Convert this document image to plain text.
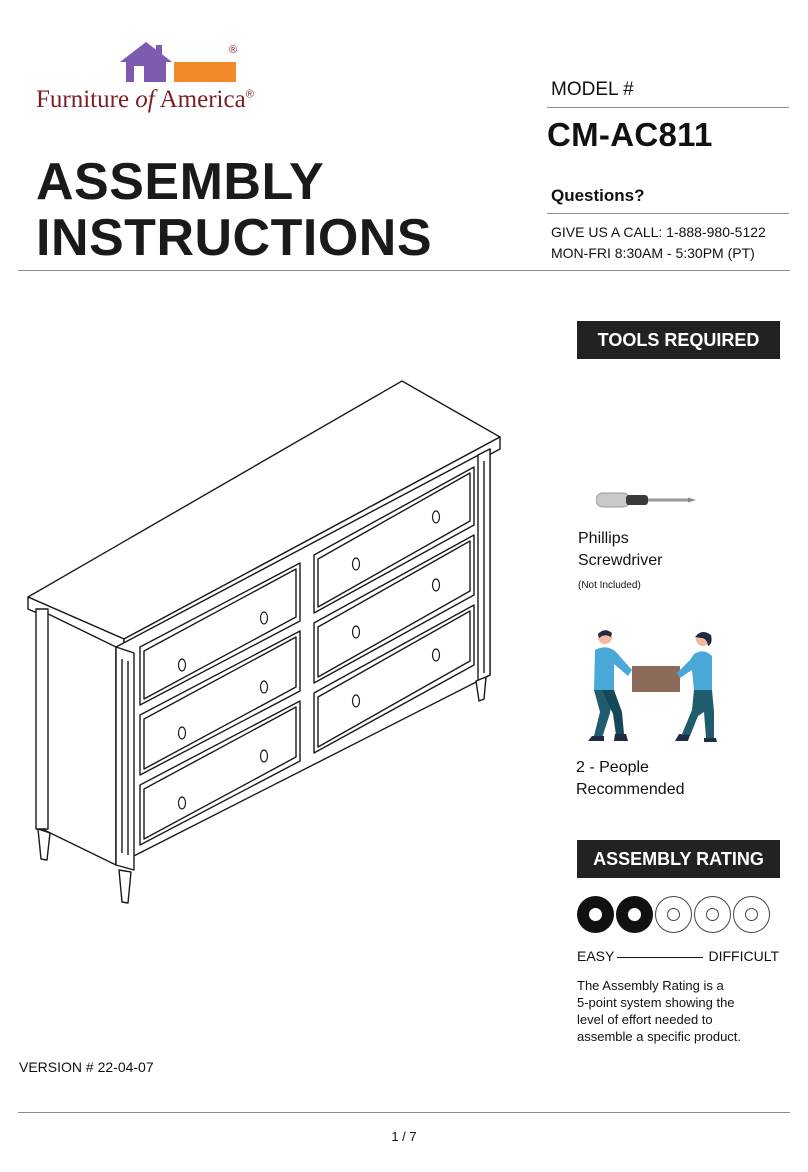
®
Furniture of America®
ASSEMBLY
INSTRUCTIONS
MODEL #
CM-AC811
Questions?
GIVE US A CALL: 1-888-980-5122
MON-FRI 8:30AM - 5:30PM (PT)
TOOLS REQUIRED
Phillips
Screwdriver
(Not Included)
2 - People
Recommended
ASSEMBLY RATING
EASY	DIFFICULT
The Assembly Rating is a
5-point system showing the
level of effort needed to
assemble a specific product.
VERSION # 22-04-07
1 / 7
